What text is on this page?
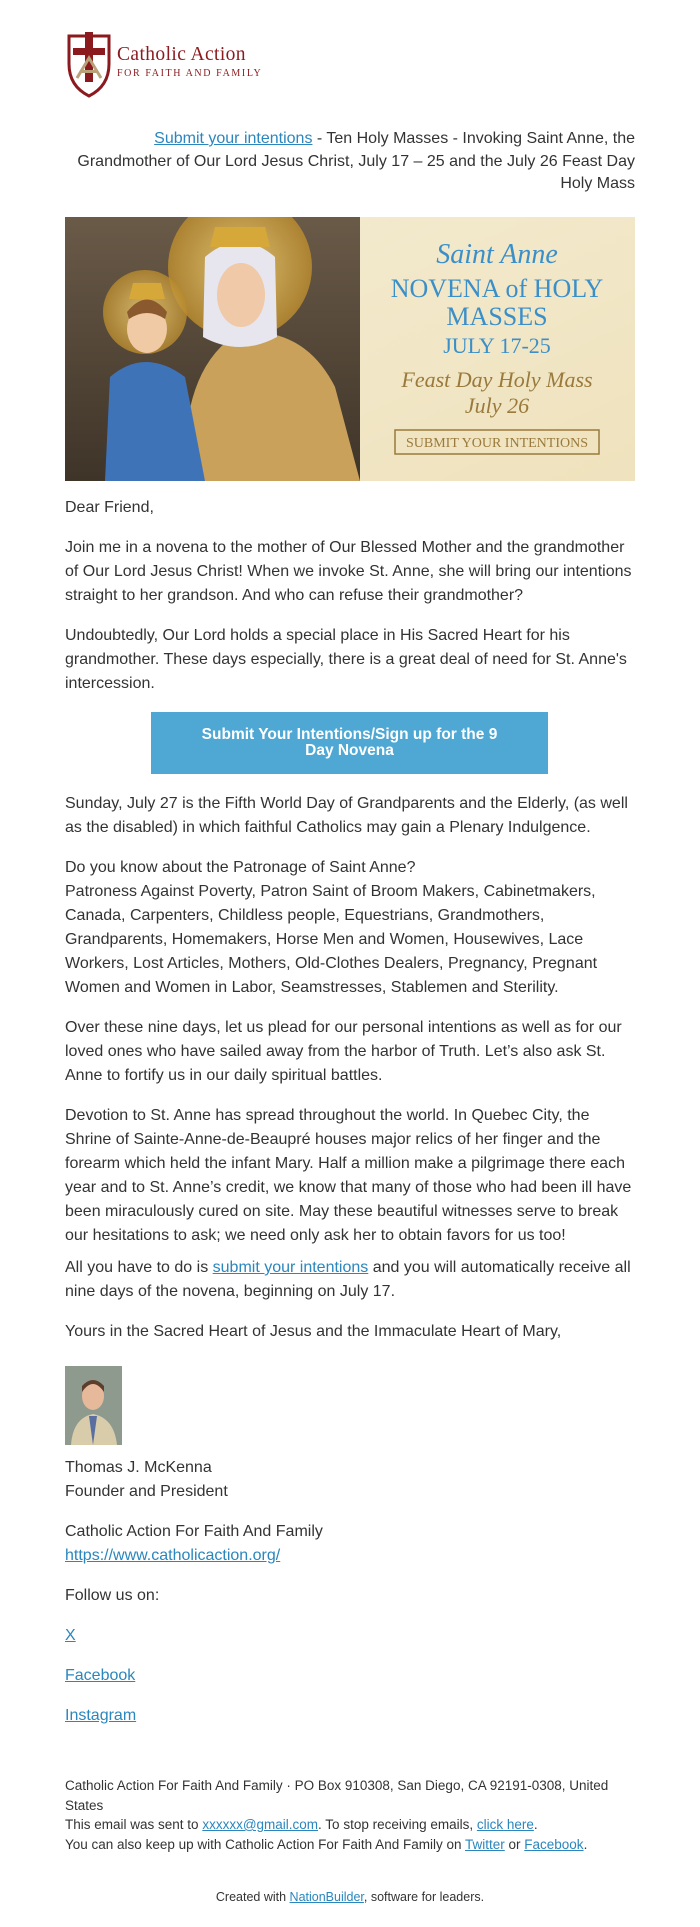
Catholic Action
FOR FAITH AND FAMILY
Submit your intentions - Ten Holy Masses - Invoking Saint Anne, the Grandmother of Our Lord Jesus Christ, July 17 – 25 and the July 26 Feast Day Holy Mass
Saint Anne
NOVENA of HOLY
MASSES
JULY 17-25
Feast Day Holy Mass
July 26
SUBMIT YOUR INTENTIONS

Dear Friend,

Join me in a novena to the mother of Our Blessed Mother and the grandmother of Our Lord Jesus Christ! When we invoke St. Anne, she will bring our intentions straight to her grandson. And who can refuse their grandmother?

Undoubtedly, Our Lord holds a special place in His Sacred Heart for his grandmother. These days especially, there is a great deal of need for St. Anne's intercession.

Submit Your Intentions/Sign up for the 9 Day Novena

Sunday, July 27 is the Fifth World Day of Grandparents and the Elderly, (as well as the disabled) in which faithful Catholics may gain a Plenary Indulgence.

Do you know about the Patronage of Saint Anne?

Patroness Against Poverty, Patron Saint of Broom Makers, Cabinetmakers, Canada, Carpenters, Childless people, Equestrians, Grandmothers, Grandparents, Homemakers, Horse Men and Women, Housewives, Lace Workers, Lost Articles, Mothers, Old-Clothes Dealers, Pregnancy, Pregnant Women and Women in Labor, Seamstresses, Stablemen and Sterility.

Over these nine days, let us plead for our personal intentions as well as for our loved ones who have sailed away from the harbor of Truth. Let’s also ask St. Anne to fortify us in our daily spiritual battles.

Devotion to St. Anne has spread throughout the world. In Quebec City, the Shrine of Sainte-Anne-de-Beaupré houses major relics of her finger and the forearm which held the infant Mary. Half a million make a pilgrimage there each year and to St. Anne’s credit, we know that many of those who had been ill have been miraculously cured on site. May these beautiful witnesses serve to break our hesitations to ask; we need only ask her to obtain favors for us too!

All you have to do is submit your intentions and you will automatically receive all nine days of the novena, beginning on July 17.

Yours in the Sacred Heart of Jesus and the Immaculate Heart of Mary,

Thomas J. McKenna

Founder and President

Catholic Action For Faith And Family

https://www.catholicaction.org/

Follow us on:

X

Facebook

Instagram

Catholic Action For Faith And Family · PO Box 910308, San Diego, CA 92191-0308, United States
This email was sent to xxxxxx@gmail.com. To stop receiving emails, click here.
You can also keep up with Catholic Action For Faith And Family on Twitter or Facebook.
Created with NationBuilder, software for leaders.
